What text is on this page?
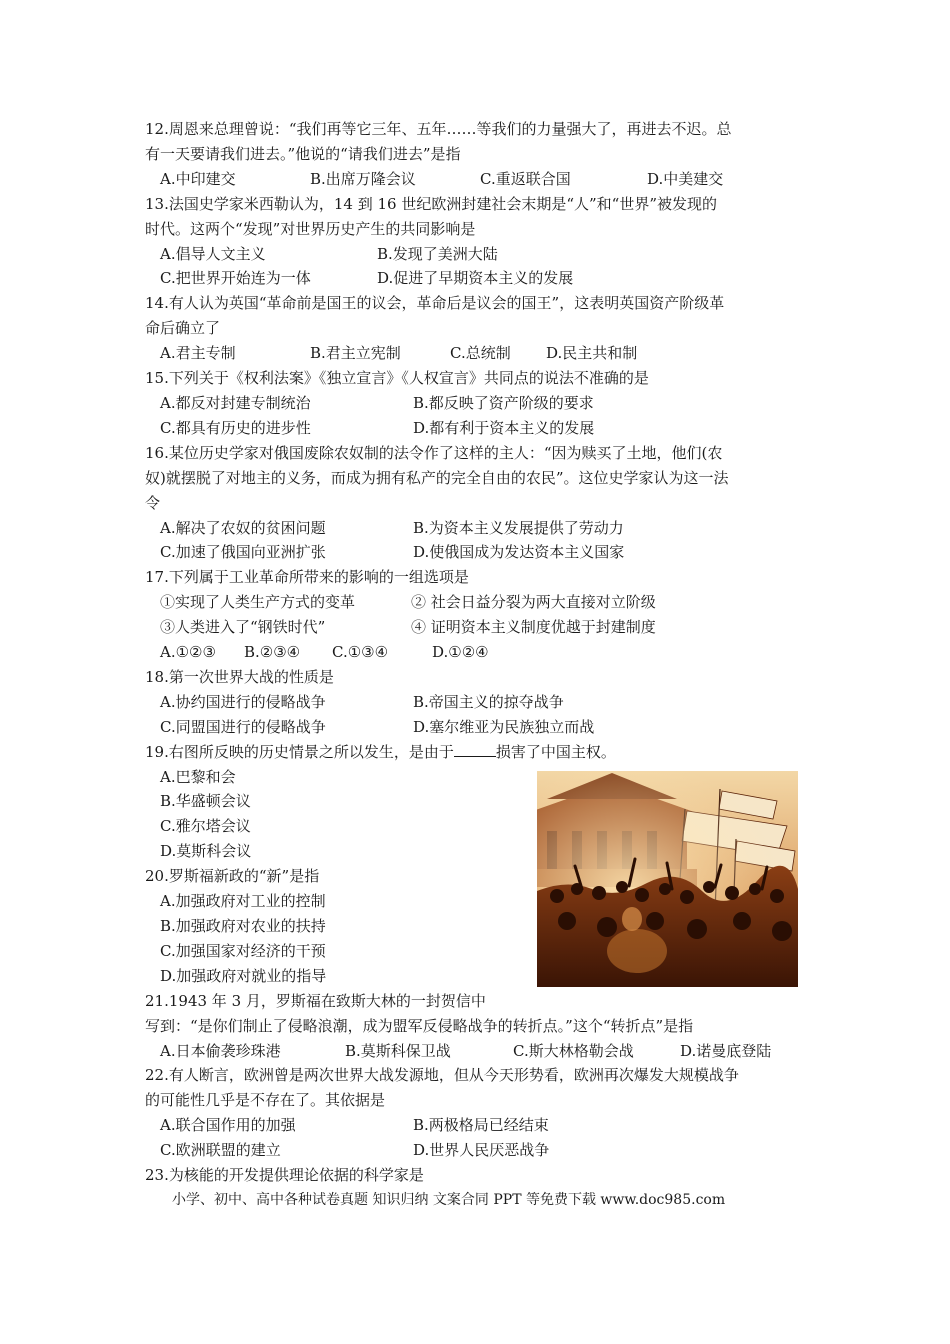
12.周恩来总理曾说：“我们再等它三年、五年……等我们的力量强大了，再进去不迟。总

有一天要请我们进去。”他说的“请我们进去”是指

A.中印建交	B.出席万隆会议	C.重返联合国	D.中美建交

13.法国史学家米西勒认为，14 到 16 世纪欧洲封建社会末期是“人”和“世界”被发现的

时代。这两个“发现”对世界历史产生的共同影响是

A.倡导人文主义	B.发现了美洲大陆
C.把世界开始连为一体	D.促进了早期资本主义的发展

14.有人认为英国“革命前是国王的议会，革命后是议会的国王”，这表明英国资产阶级革

命后确立了

A.君主专制	B.君主立宪制	C.总统制	D.民主共和制

15.下列关于《权利法案》《独立宣言》《人权宣言》共同点的说法不准确的是

A.都反对封建专制统治	B.都反映了资产阶级的要求
C.都具有历史的进步性	D.都有利于资本主义的发展

16.某位历史学家对俄国废除农奴制的法令作了这样的主人：“因为赎买了土地，他们(农

奴)就摆脱了对地主的义务，而成为拥有私产的完全自由的农民”。这位史学家认为这一法

令

A.解决了农奴的贫困问题	B.为资本主义发展提供了劳动力
C.加速了俄国向亚洲扩张	D.使俄国成为发达资本主义国家

17.下列属于工业革命所带来的影响的一组选项是

①实现了人类生产方式的变革	② 社会日益分裂为两大直接对立阶级
③人类进入了“钢铁时代”	④ 证明资本主义制度优越于封建制度
A.①②③	B.②③④	C.①③④	D.①②④

18.第一次世界大战的性质是

A.协约国进行的侵略战争	B.帝国主义的掠夺战争
C.同盟国进行的侵略战争	D.塞尔维亚为民族独立而战

19.右图所反映的历史情景之所以发生，是由于	损害了中国主权。

A.巴黎和会

B.华盛顿会议

C.雅尔塔会议

D.莫斯科会议

20.罗斯福新政的“新”是指

A.加强政府对工业的控制

B.加强政府对农业的扶持

C.加强国家对经济的干预

D.加强政府对就业的指导

21.1943 年 3 月，罗斯福在致斯大林的一封贺信中

写到：“是你们制止了侵略浪潮，成为盟军反侵略战争的转折点。”这个“转折点”是指

A.日本偷袭珍珠港	B.莫斯科保卫战	C.斯大林格勒会战	D.诺曼底登陆

22.有人断言，欧洲曾是两次世界大战发源地，但从今天形势看，欧洲再次爆发大规模战争

的可能性几乎是不存在了。其依据是

A.联合国作用的加强	B.两极格局已经结束
C.欧洲联盟的建立	D.世界人民厌恶战争

23.为核能的开发提供理论依据的科学家是

小学、初中、高中各种试卷真题 知识归纳 文案合同 PPT 等免费下载 www.doc985.com
